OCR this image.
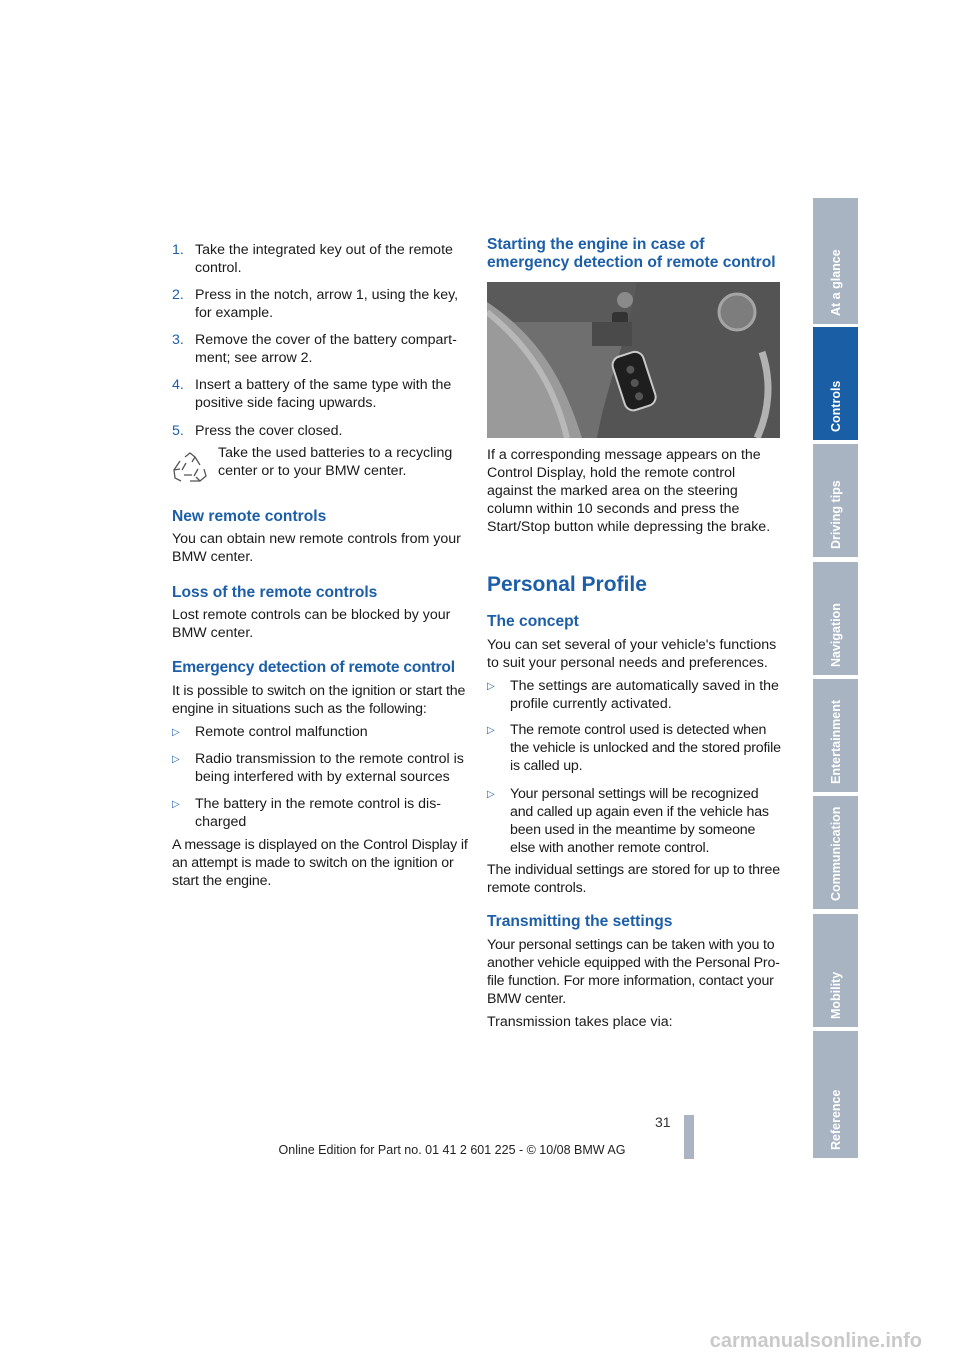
1. Take the integrated key out of the remote control.

2. Press in the notch, arrow 1, using the key, for example.

3. Remove the cover of the battery compart- ment; see arrow 2.

4. Insert a battery of the same type with the positive side facing upwards.

5. Press the cover closed.

Take the used batteries to a recycling center or to your BMW center.

New remote controls

You can obtain new remote controls from your BMW center.

Loss of the remote controls

Lost remote controls can be blocked by your BMW center.

Emergency detection of remote control

It is possible to switch on the ignition or start the engine in situations such as the following:

▷ Remote control malfunction

▷ Radio transmission to the remote control is being interfered with by external sources

▷ The battery in the remote control is dis- charged

A message is displayed on the Control Display if an attempt is made to switch on the ignition or start the engine.

Starting the engine in case of
emergency detection of remote control

If a corresponding message appears on the Control Display, hold the remote control against the marked area on the steering column within 10 seconds and press the Start/Stop button while depressing the brake.

Personal Profile
The concept

You can set several of your vehicle's functions to suit your personal needs and preferences.

▷ The settings are automatically saved in the profile currently activated.

▷ The remote control used is detected when the vehicle is unlocked and the stored profile is called up.

▷ Your personal settings will be recognized and called up again even if the vehicle has been used in the meantime by someone else with another remote control.

The individual settings are stored for up to three remote controls.

Transmitting the settings

Your personal settings can be taken with you to another vehicle equipped with the Personal Pro- file function. For more information, contact your BMW center.

Transmission takes place via:

At a glance
Controls
Driving tips
Navigation
Entertainment
Communication
Mobility
Reference
31
Online Edition for Part no. 01 41 2 601 225 - © 10/08 BMW AG
carmanualsonline.info
